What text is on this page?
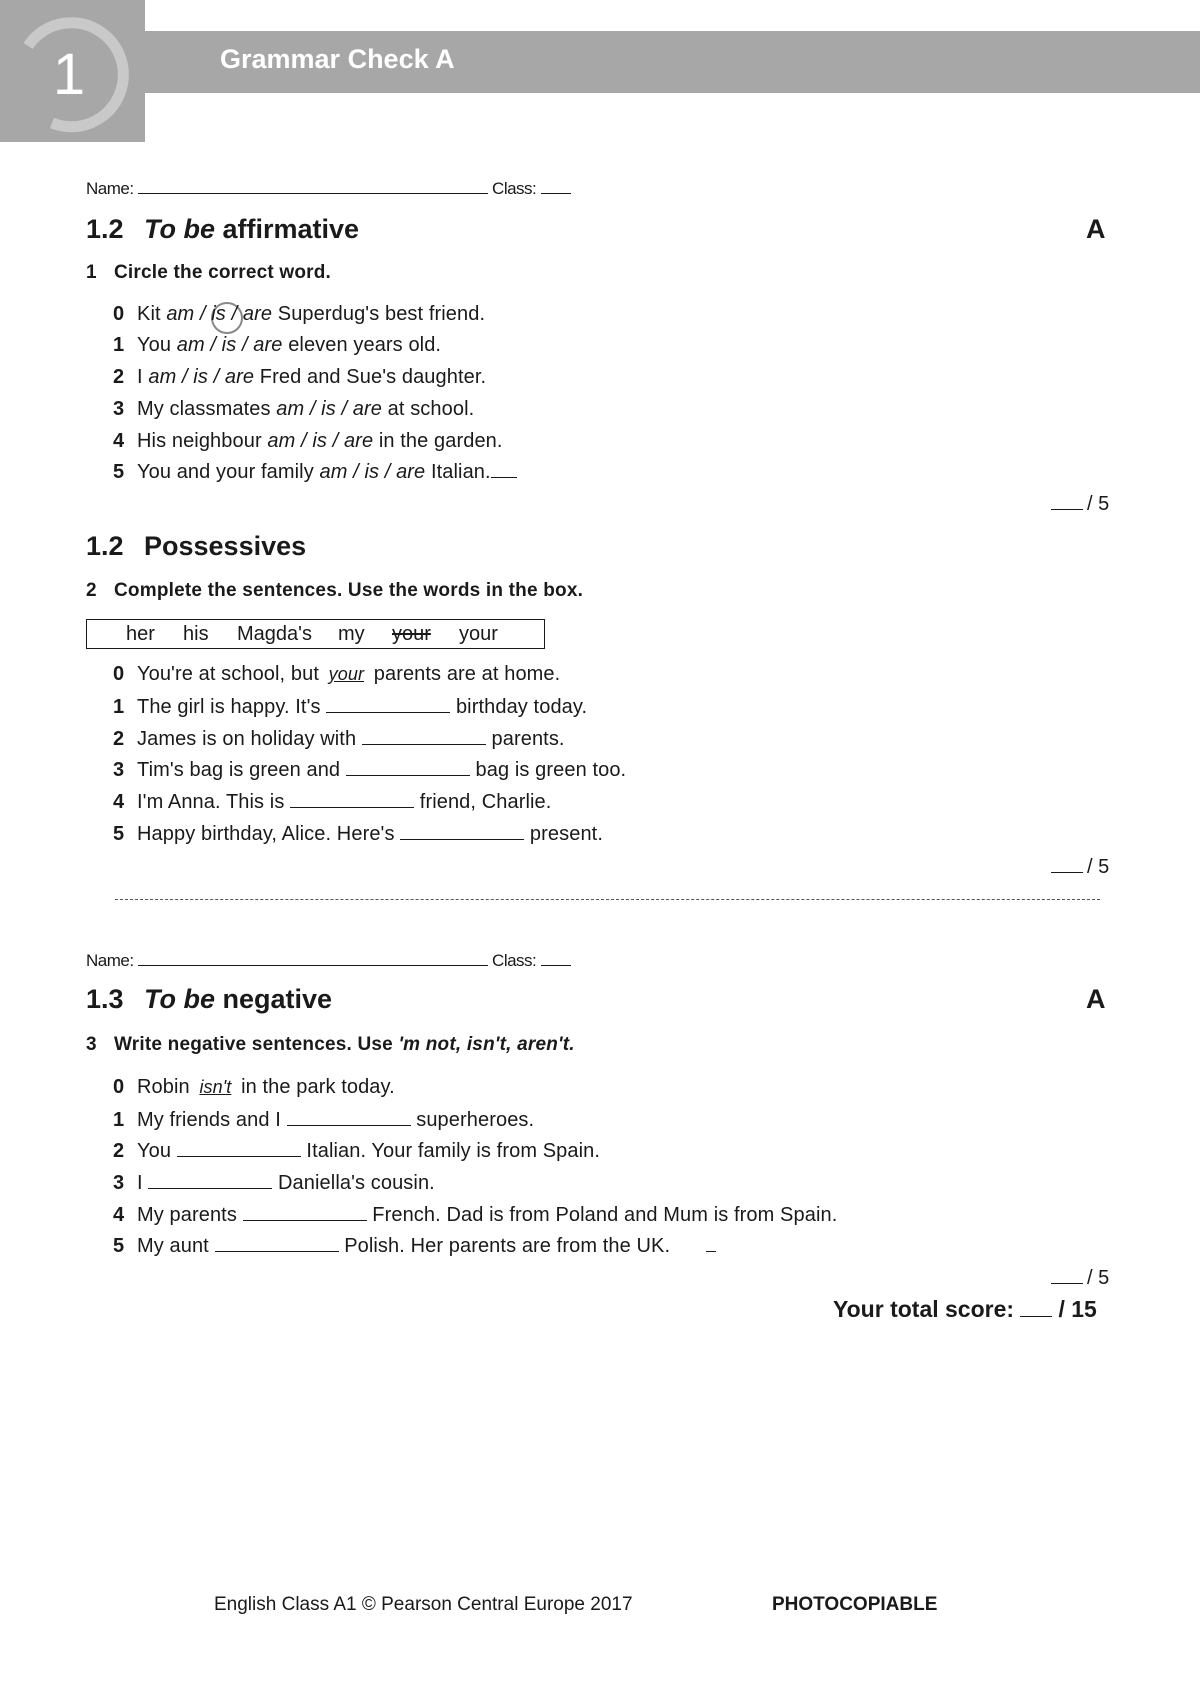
1	Grammar Check A
Name:	Class:
1.2 To be affirmative	A
1 Circle the correct word.
0 Kit am / is / are Superdug's best friend.
1 You am / is / are eleven years old.
2 I am / is / are Fred and Sue's daughter.
3 My classmates am / is / are at school.
4 His neighbour am / is / are in the garden.
5 You and your family am / is / are Italian.
/ 5
1.2 Possessives
2 Complete the sentences. Use the words in the box.
her his Magda's my your your
0 You're at school, but your parents are at home.
1 The girl is happy. It's	birthday today.
2 James is on holiday with	parents.
3 Tim's bag is green and	bag is green too.
4 I'm Anna. This is	friend, Charlie.
5 Happy birthday, Alice. Here's	present.
/ 5
Name:	Class:
1.3 To be negative	A
3 Write negative sentences. Use 'm not, isn't, aren't.
0 Robin isn't in the park today.
1 My friends and I	superheroes.
2 You	Italian. Your family is from Spain.
3 I	Daniella's cousin.
4 My parents	French. Dad is from Poland and Mum is from Spain.
5 My aunt	Polish. Her parents are from the UK.
/ 5
Your total score: / 15
English Class A1 © Pearson Central Europe 2017	PHOTOCOPIABLE
